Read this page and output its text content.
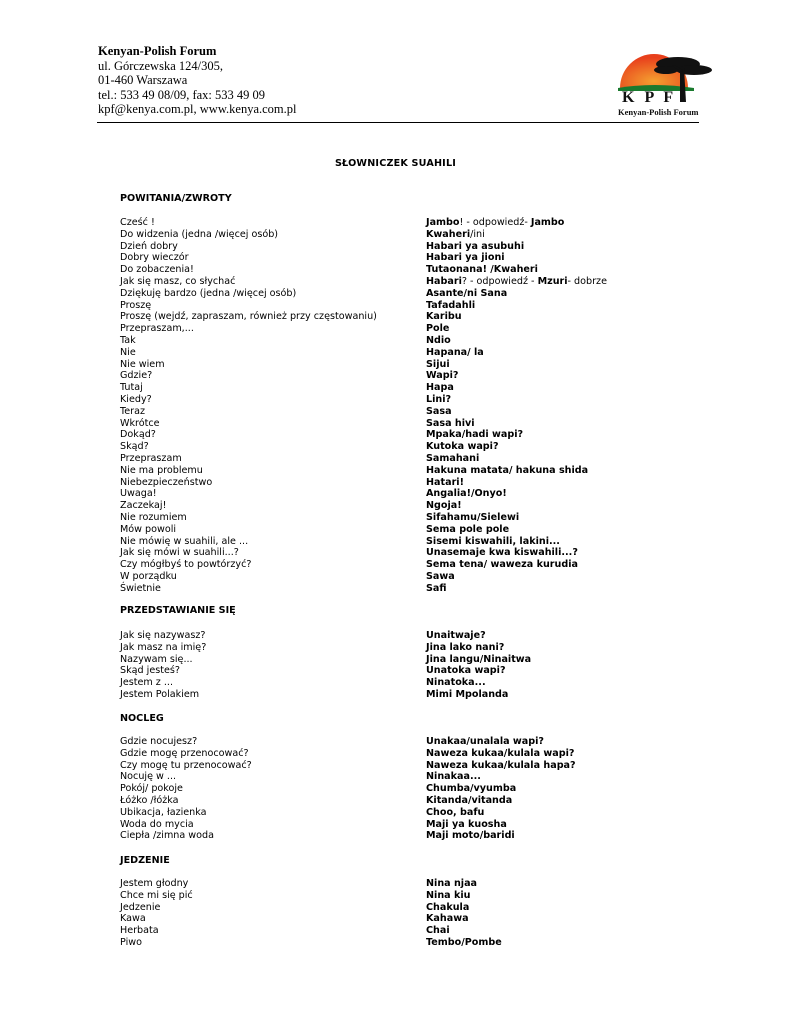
Kenyan-Polish Forum
ul. Górczewska 124/305,
01-460 Warszawa
tel.: 533 49 08/09, fax: 533 49 09
kpf@kenya.com.pl, www.kenya.com.pl
K P F
Kenyan-Polish Forum
SŁOWNICZEK SUAHILI
POWITANIA/ZWROTY
Cześć !	Jambo! - odpowiedź- Jambo
Do widzenia (jedna /więcej osób)	Kwaheri/ini
Dzień dobry	Habari ya asubuhi
Dobry wieczór	Habari ya jioni
Do zobaczenia!	Tutaonana! /Kwaheri
Jak się masz, co słychać	Habari? - odpowiedź - Mzuri- dobrze
Dziękuję bardzo (jedna /więcej osób)	Asante/ni Sana
Proszę	Tafadahli
Proszę (wejdź, zapraszam, również przy częstowaniu)	Karibu
Przepraszam,...	Pole
Tak	Ndio
Nie	Hapana/ la
Nie wiem	Sijui
Gdzie?	Wapi?
Tutaj	Hapa
Kiedy?	Lini?
Teraz	Sasa
Wkrótce	Sasa hivi
Dokąd?	Mpaka/hadi wapi?
Skąd?	Kutoka wapi?
Przepraszam	Samahani
Nie ma problemu	Hakuna matata/ hakuna shida
Niebezpieczeństwo	Hatari!
Uwaga!	Angalia!/Onyo!
Zaczekaj!	Ngoja!
Nie rozumiem	Sifahamu/Sielewi
Mów powoli	Sema pole pole
Nie mówię w suahili, ale ...	Sisemi kiswahili, lakini...
Jak się mówi w suahili...?	Unasemaje kwa kiswahili...?
Czy mógłbyś to powtórzyć?	Sema tena/ waweza kurudia
W porządku	Sawa
Świetnie	Safi
PRZEDSTAWIANIE SIĘ
Jak się nazywasz?	Unaitwaje?
Jak masz na imię?	Jina lako nani?
Nazywam się...	Jina langu/Ninaitwa
Skąd jesteś?	Unatoka wapi?
Jestem z ...	Ninatoka...
Jestem Polakiem	Mimi Mpolanda
NOCLEG
Gdzie nocujesz?	Unakaa/unalala wapi?
Gdzie mogę przenocować?	Naweza kukaa/kulala wapi?
Czy mogę tu przenocować?	Naweza kukaa/kulala hapa?
Nocuję w ...	Ninakaa...
Pokój/ pokoje	Chumba/vyumba
Łóżko /łóżka	Kitanda/vitanda
Ubikacja, łazienka	Choo, bafu
Woda do mycia	Maji ya kuosha
Ciepła /zimna woda	Maji moto/baridi
JEDZENIE
Jestem głodny	Nina njaa
Chce mi się pić	Nina kiu
Jedzenie	Chakula
Kawa	Kahawa
Herbata	Chai
Piwo	Tembo/Pombe
